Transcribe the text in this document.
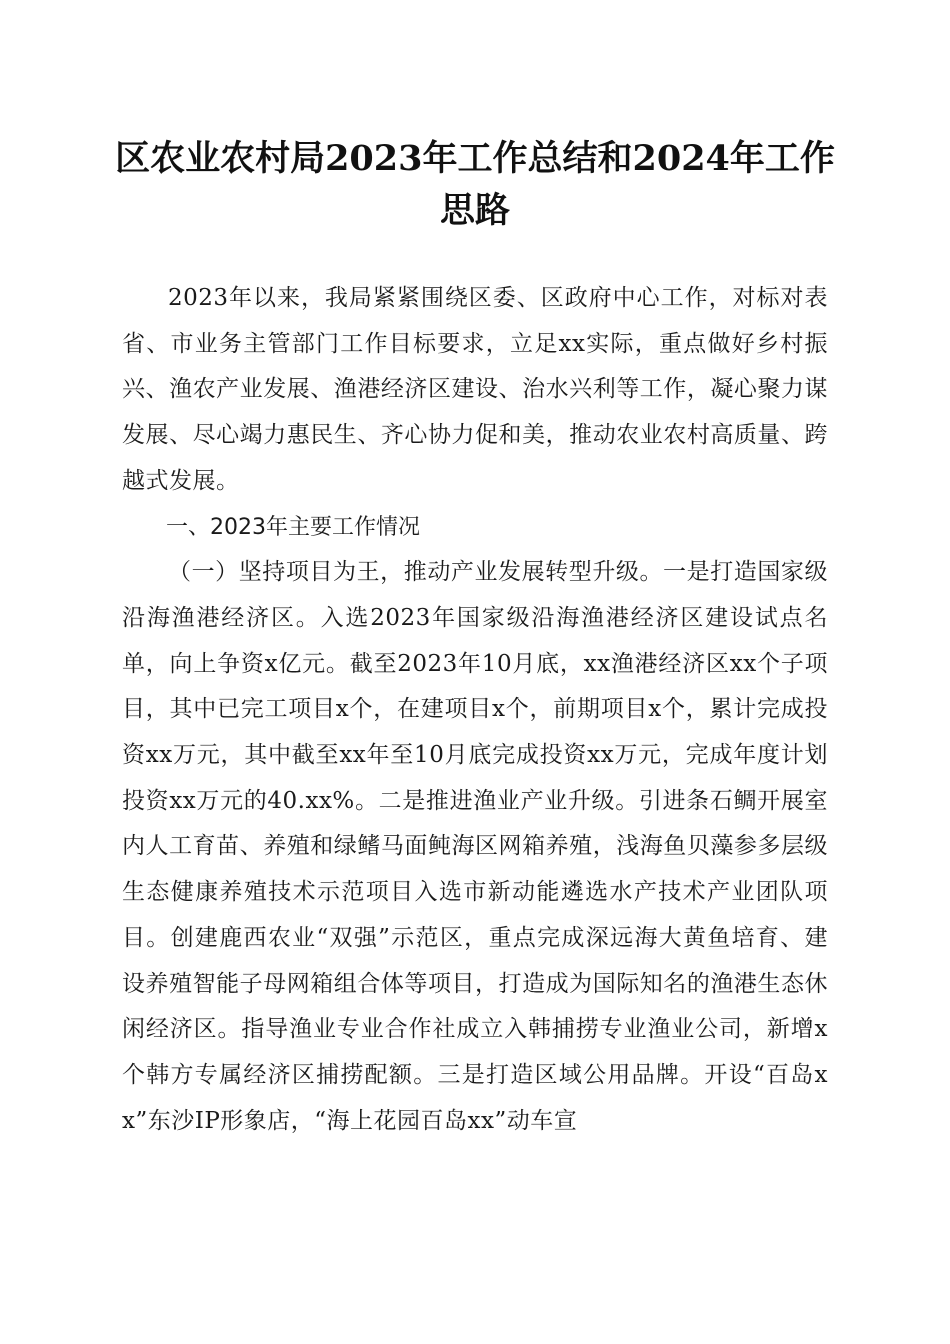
区农业农村局2023年工作总结和2024年工作思路

2023年以来，我局紧紧围绕区委、区政府中心工作，对标对表省、市业务主管部门工作目标要求，立足xx实际，重点做好乡村振兴、渔农产业发展、渔港经济区建设、治水兴利等工作，凝心聚力谋发展、尽心竭力惠民生、齐心协力促和美，推动农业农村高质量、跨越式发展。

一、2023年主要工作情况

（一）坚持项目为王，推动产业发展转型升级。一是打造国家级沿海渔港经济区。入选2023年国家级沿海渔港经济区建设试点名单，向上争资x亿元。截至2023年10月底，xx渔港经济区xx个子项目，其中已完工项目x个，在建项目x个，前期项目x个，累计完成投资xx万元，其中截至xx年至10月底完成投资xx万元，完成年度计划投资xx万元的40.xx%。二是推进渔业产业升级。引进条石鲷开展室内人工育苗、养殖和绿鳍马面鲀海区网箱养殖，浅海鱼贝藻参多层级生态健康养殖技术示范项目入选市新动能遴选水产技术产业团队项目。创建鹿西农业“双强”示范区，重点完成深远海大黄鱼培育、建设养殖智能子母网箱组合体等项目，打造成为国际知名的渔港生态休闲经济区。指导渔业专业合作社成立入韩捕捞专业渔业公司，新增x个韩方专属经济区捕捞配额。三是打造区域公用品牌。开设“百岛xx”东沙IP形象店，“海上花园百岛xx”动车宣
